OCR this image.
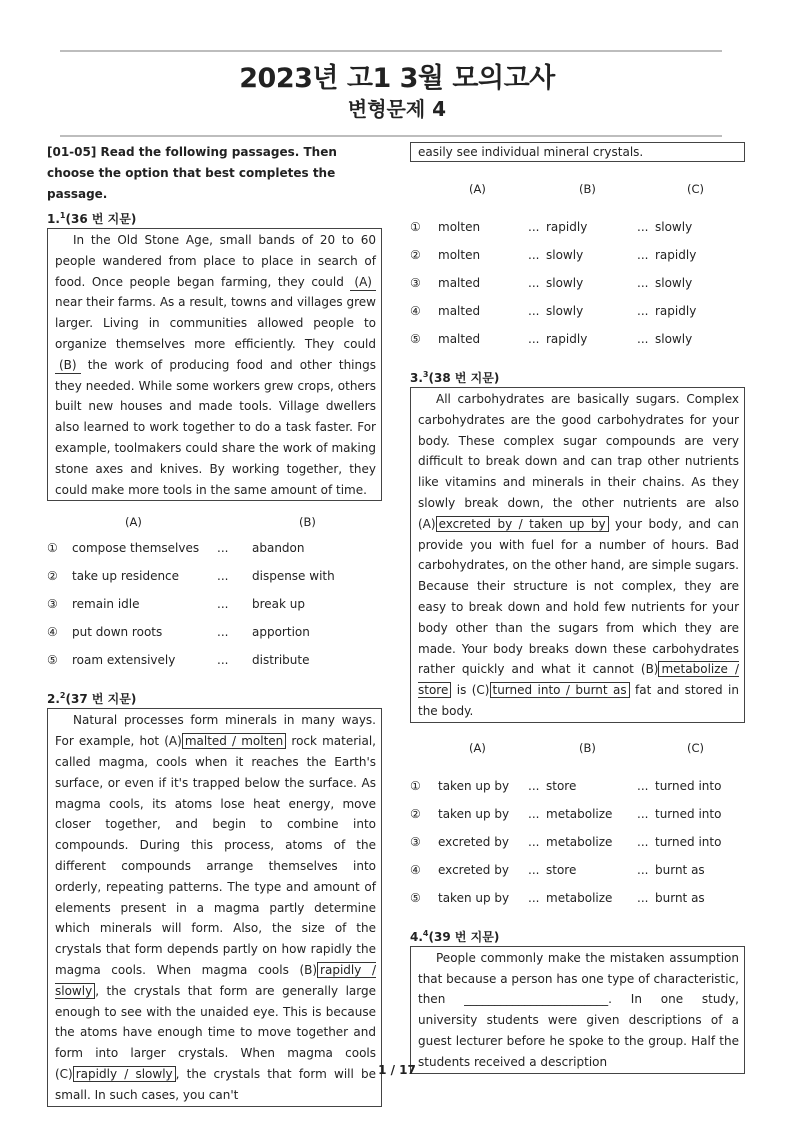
2023년 고1 3월 모의고사
변형문제 4
[01-05] Read the following passages. Then choose the option that best completes the passage.
1.$^1$(36 번 지문)
In the Old Stone Age, small bands of 20 to 60 people wandered from place to place in search of food. Once people began farming, they could (A) near their farms. As a result, towns and villages grew larger. Living in communities allowed people to organize themselves more efficiently. They could (B) the work of producing food and other things they needed. While some workers grew crops, others built new houses and made tools. Village dwellers also learned to work together to do a task faster. For example, toolmakers could share the work of making stone axes and knives. By working together, they could make more tools in the same amount of time.
(A)	(B)
① compose themselves ... abandon
② take up residence	... dispense with
③ remain idle	... break up
④ put down roots	... apportion
⑤ roam extensively	... distribute
2.$^2$(37 번 지문)
Natural processes form minerals in many ways. For example, hot (A) malted / molten rock material, called magma, cools when it reaches the Earth's surface, or even if it's trapped below the surface. As magma cools, its atoms lose heat energy, move closer together, and begin to combine into compounds. During this process, atoms of the different compounds arrange themselves into orderly, repeating patterns. The type and amount of elements present in a magma partly determine which minerals will form. Also, the size of the crystals that form depends partly on how rapidly the magma cools. When magma cools (B) rapidly / slowly , the crystals that form are generally large enough to see with the unaided eye. This is because the atoms have enough time to move together and form into larger crystals. When magma cools (C) rapidly / slowly , the crystals that form will be small. In such cases, you can't
easily see individual mineral crystals.
(A)	(B)	(C)
① molten	... rapidly	... slowly
② molten	... slowly	... rapidly
③ malted	... slowly	... slowly
④ malted	... slowly	... rapidly
⑤ malted	... rapidly	... slowly
3.$^3$(38 번 지문)
All carbohydrates are basically sugars. Complex carbohydrates are the good carbohydrates for your body. These complex sugar compounds are very difficult to break down and can trap other nutrients like vitamins and minerals in their chains. As they slowly break down, the other nutrients are also (A) excreted by / taken up by your body, and can provide you with fuel for a number of hours. Bad carbohydrates, on the other hand, are simple sugars. Because their structure is not complex, they are easy to break down and hold few nutrients for your body other than the sugars from which they are made. Your body breaks down these carbohydrates rather quickly and what it cannot (B) metabolize / store is (C) turned into / burnt as fat and stored in the body.
(A)	(B)	(C)
① taken up by ... store	... turned into
② taken up by ... metabolize ... turned into
③ excreted by ... metabolize ... turned into
④ excreted by ... store	... burnt as
⑤ taken up by ... metabolize ... burnt as
4.$^4$(39 번 지문)
People commonly make the mistaken assumption that because a person has one type of characteristic, then ________________________. In one study, university students were given descriptions of a guest lecturer before he spoke to the group. Half the students received a description
1 / 17
